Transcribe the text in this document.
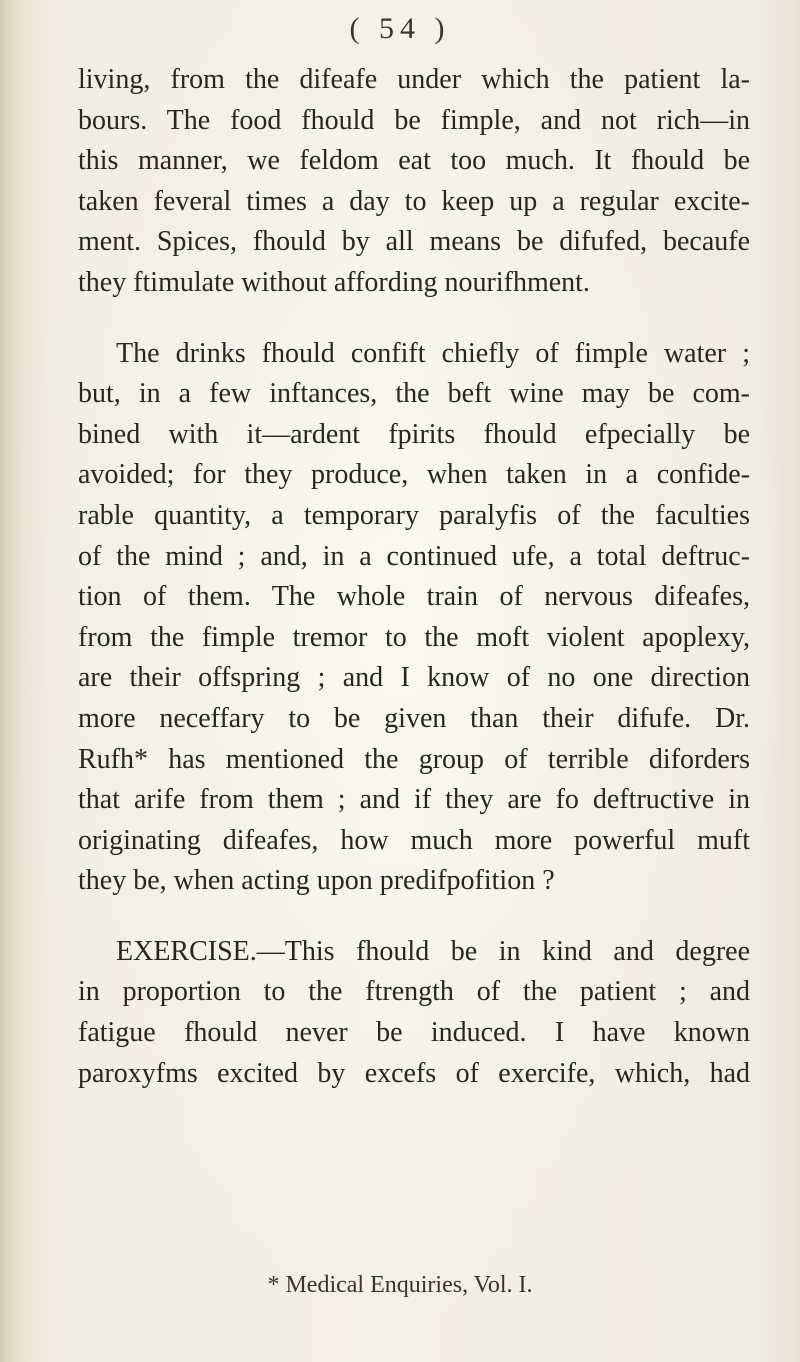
( 54 )
living, from the difeafe under which the patient la-
bours. The food fhould be fimple, and not rich—in
this manner, we feldom eat too much. It fhould be
taken feveral times a day to keep up a regular excite-
ment. Spices, fhould by all means be difufed, becaufe
they ftimulate without affording nourifhment.
The drinks fhould confift chiefly of fimple water ;
but, in a few inftances, the beft wine may be com-
bined with it—ardent fpirits fhould efpecially be
avoided; for they produce, when taken in a confide-
rable quantity, a temporary paralyfis of the faculties
of the mind ; and, in a continued ufe, a total deftruc-
tion of them. The whole train of nervous difeafes,
from the fimple tremor to the moft violent apoplexy,
are their offspring ; and I know of no one direction
more neceffary to be given than their difufe. Dr.
Rufh* has mentioned the group of terrible diforders
that arife from them ; and if they are fo deftructive in
originating difeafes, how much more powerful muft
they be, when acting upon predifpofition ?
EXERCISE.—This fhould be in kind and degree
in proportion to the ftrength of the patient ; and
fatigue fhould never be induced. I have known
paroxyfms excited by excefs of exercife, which, had
* Medical Enquiries, Vol. I.
